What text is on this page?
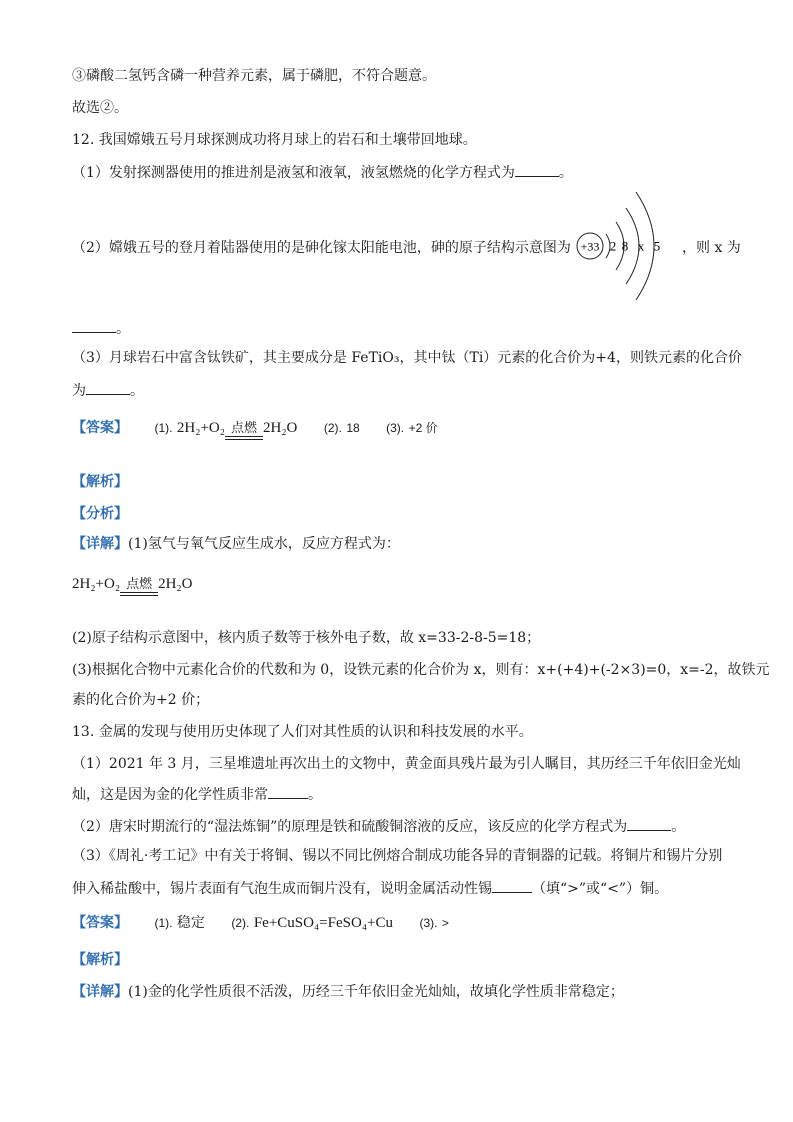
③磷酸二氢钙含磷一种营养元素，属于磷肥，不符合题意。
故选②。
12. 我国嫦娥五号月球探测成功将月球上的岩石和土壤带回地球。
（1）发射探测器使用的推进剂是液氢和液氧，液氢燃烧的化学方程式为	。
（2）嫦娥五号的登月着陆器使用的是砷化镓太阳能电池，砷的原子结构示意图为 +33 2 8 x 5 ，则 x 为
。
（3）月球岩石中富含钛铁矿，其主要成分是 FeTiO₃，其中钛（Ti）元素的化合价为+4，则铁元素的化合价
为	。
【答案】 (1). 2H₂+O₂ 点燃 2H₂O (2). 18 (3). +2 价
【解析】
【分析】
【详解】(1)氢气与氧气反应生成水，反应方程式为：
2H₂+O₂ 点燃 2H₂O
(2)原子结构示意图中，核内质子数等于核外电子数，故 x=33-2-8-5=18；
(3)根据化合物中元素化合价的代数和为 0，设铁元素的化合价为 x，则有：x+(+4)+(-2×3)=0，x=-2，故铁元
素的化合价为+2 价；
13. 金属的发现与使用历史体现了人们对其性质的认识和科技发展的水平。
（1）2021 年 3 月，三星堆遗址再次出土的文物中，黄金面具残片最为引人瞩目，其历经三千年依旧金光灿
灿，这是因为金的化学性质非常	。
（2）唐宋时期流行的“湿法炼铜”的原理是铁和硫酸铜溶液的反应，该反应的化学方程式为	。
（3）《周礼·考工记》中有关于将铜、锡以不同比例熔合制成功能各异的青铜器的记载。将铜片和锡片分别
伸入稀盐酸中，锡片表面有气泡生成而铜片没有，说明金属活动性锡	（填“>”或“<”）铜。
【答案】 (1). 稳定 (2). Fe+CuSO₄=FeSO₄+Cu (3). >
【解析】
【详解】(1)金的化学性质很不活泼，历经三千年依旧金光灿灿，故填化学性质非常稳定；
